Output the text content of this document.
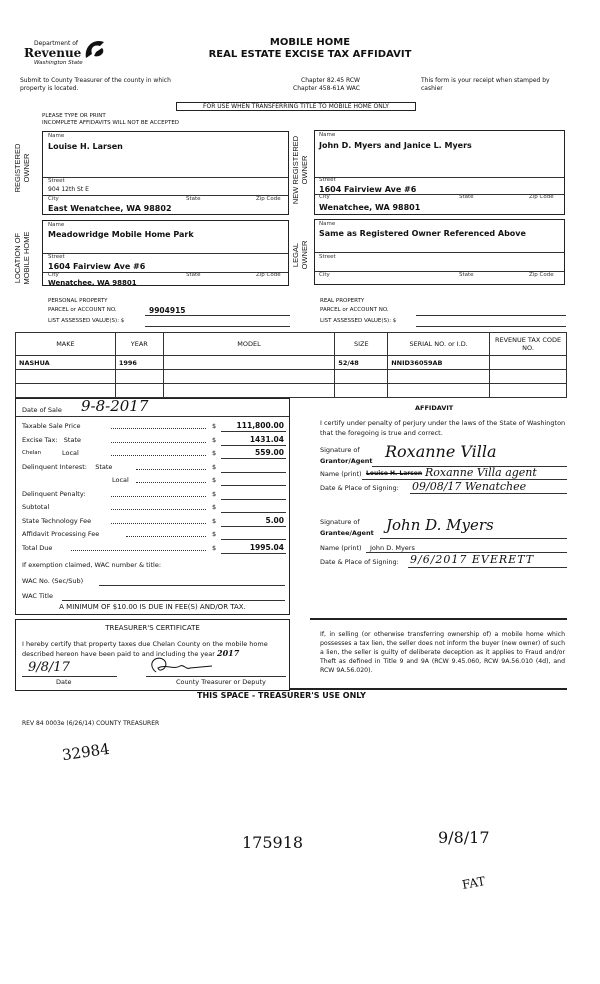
Department of
Revenue
Washington State
MOBILE HOME
REAL ESTATE EXCISE TAX AFFIDAVIT
Submit to County Treasurer of the county in which property is located.
Chapter 82.45 RCW
Chapter 458-61A WAC
This form is your receipt when stamped by cashier
FOR USE WHEN TRANSFERRING TITLE TO MOBILE HOME ONLY
PLEASE TYPE OR PRINT
INCOMPLETE AFFIDAVITS WILL NOT BE ACCEPTED
REGISTERED OWNER
LOCATION OF MOBILE HOME
NEW REGISTERED OWNER
LEGAL OWNER
Name
Louise H. Larsen
Street
904 12th St E
City	State	Zip Code
East Wenatchee, WA 98802
Name
Meadowridge Mobile Home Park
Street
1604 Fairview Ave #6
City	State	Zip Code
Wenatchee, WA 98801
Name
John D. Myers and Janice L. Myers
Street
1604 Fairview Ave #6
City	State	Zip Code
Wenatchee, WA 98801
Name
Same as Registered Owner Referenced Above
Street
City	State	Zip Code
PERSONAL PROPERTY
PARCEL or ACCOUNT NO.	9904915
LIST ASSESSED VALUE(S): $
REAL PROPERTY
PARCEL or ACCOUNT NO.
LIST ASSESSED VALUE(S): $
MAKE	YEAR	MODEL	SIZE	SERIAL NO. or I.D.	REVENUE TAX CODE NO.
NASHUA	1996		52/48	NNID36059AB	

Date of Sale 9-8-2017
Taxable Sale Price	$	111,800.00
Excise Tax:   State	$	1431.04
Chelan	Local	$	559.00
Delinquent Interest:    State	$
Local	$
Delinquent Penalty:	$
Subtotal	$
State Technology Fee	$	5.00
Affidavit Processing Fee	$
Total Due	$	1995.04
If exemption claimed, WAC number & title:
WAC No. (Sec/Sub)
WAC Title
A MINIMUM OF $10.00 IS DUE IN FEE(S) AND/OR TAX.
AFFIDAVIT
I certify under penalty of perjury under the laws of the State of Washington that the foregoing is true and correct.
Signature of
Grantor/Agent Roxanne Villa
Name (print) Louise H. Larsen Roxanne Villa agent
Date & Place of Signing: 09/08/17 Wenatchee
Signature of
Grantee/Agent John D. Myers
Name (print) John D. Myers
Date & Place of Signing: 9/6/2017 EVERETT
TREASURER'S CERTIFICATE
I hereby certify that property taxes due Chelan County on the mobile home described hereon have been paid to and including the year 2017
9/8/17
Date	County Treasurer or Deputy
If, in selling (or otherwise transferring ownership of) a mobile home which possesses a tax lien, the seller does not inform the buyer (new owner) of such a lien, the seller is guilty of deliberate deception as it applies to Fraud and/or Theft as defined in Title 9 and 9A (RCW 9.45.060, RCW 9A.56.010 (4d), and RCW 9A.56.020).
THIS SPACE - TREASURER'S USE ONLY
REV 84 0003e (6/26/14) COUNTY TREASURER
32984
175918	9/8/17
FAT
